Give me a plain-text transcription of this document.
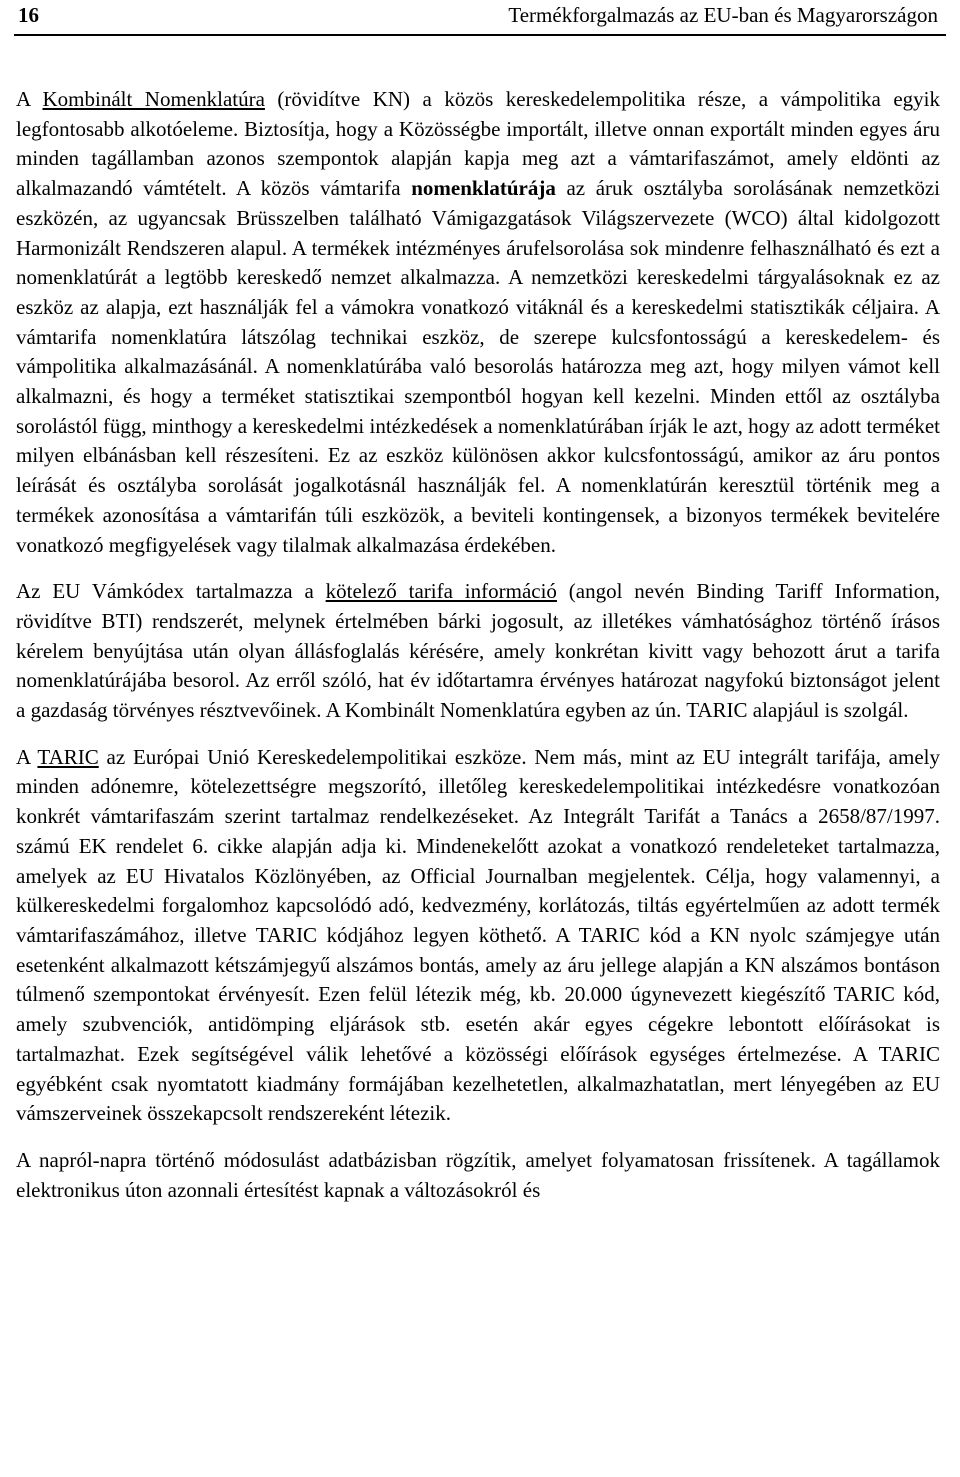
16	Termékforgalmazás az EU-ban és Magyarországon

A Kombinált Nomenklatúra (rövidítve KN) a közös kereskedelempolitika része, a vámpolitika egyik legfontosabb alkotóeleme. Biztosítja, hogy a Közösségbe importált, illetve onnan exportált minden egyes áru minden tagállamban azonos szempontok alapján kapja meg azt a vámtarifaszámot, amely eldönti az alkalmazandó vámtételt. A közös vámtarifa nomenklatúrája az áruk osztályba sorolásának nemzetközi eszközén, az ugyancsak Brüsszelben található Vámigazgatások Világszervezete (WCO) által kidolgozott Harmonizált Rendszeren alapul. A termékek intézményes árufelsorolása sok mindenre felhasználható és ezt a nomenklatúrát a legtöbb kereskedő nemzet alkalmazza. A nemzetközi kereskedelmi tárgyalásoknak ez az eszköz az alapja, ezt használják fel a vámokra vonatkozó vitáknál és a kereskedelmi statisztikák céljaira. A vámtarifa nomenklatúra látszólag technikai eszköz, de szerepe kulcsfontosságú a kereskedelem- és vámpolitika alkalmazásánál. A nomenklatúrába való besorolás határozza meg azt, hogy milyen vámot kell alkalmazni, és hogy a terméket statisztikai szempontból hogyan kell kezelni. Minden ettől az osztályba sorolástól függ, minthogy a kereskedelmi intézkedések a nomenklatúrában írják le azt, hogy az adott terméket milyen elbánásban kell részesíteni. Ez az eszköz különösen akkor kulcsfontosságú, amikor az áru pontos leírását és osztályba sorolását jogalkotásnál használják fel. A nomenklatúrán keresztül történik meg a termékek azonosítása a vámtarifán túli eszközök, a beviteli kontingensek, a bizonyos termékek bevitelére vonatkozó megfigyelések vagy tilalmak alkalmazása érdekében.

Az EU Vámkódex tartalmazza a kötelező tarifa információ (angol nevén Binding Tariff Information, rövidítve BTI) rendszerét, melynek értelmében bárki jogosult, az illetékes vámhatósághoz történő írásos kérelem benyújtása után olyan állásfoglalás kérésére, amely konkrétan kivitt vagy behozott árut a tarifa nomenklatúrájába besorol. Az erről szóló, hat év időtartamra érvényes határozat nagyfokú biztonságot jelent a gazdaság törvényes résztvevőinek. A Kombinált Nomenklatúra egyben az ún. TARIC alapjául is szolgál.

A TARIC az Európai Unió Kereskedelempolitikai eszköze. Nem más, mint az EU integrált tarifája, amely minden adónemre, kötelezettségre megszorító, illetőleg kereskedelempolitikai intézkedésre vonatkozóan konkrét vámtarifaszám szerint tartalmaz rendelkezéseket. Az Integrált Tarifát a Tanács a 2658/87/1997. számú EK rendelet 6. cikke alapján adja ki. Mindenekelőtt azokat a vonatkozó rendeleteket tartalmazza, amelyek az EU Hivatalos Közlönyében, az Official Journalban megjelentek. Célja, hogy valamennyi, a külkereskedelmi forgalomhoz kapcsolódó adó, kedvezmény, korlátozás, tiltás egyértelműen az adott termék vámtarifaszámához, illetve TARIC kódjához legyen köthető. A TARIC kód a KN nyolc számjegye után esetenként alkalmazott kétszámjegyű alszámos bontás, amely az áru jellege alapján a KN alszámos bontáson túlmenő szempontokat érvényesít. Ezen felül létezik még, kb. 20.000 úgynevezett kiegészítő TARIC kód, amely szubvenciók, antidömping eljárások stb. esetén akár egyes cégekre lebontott előírásokat is tartalmazhat. Ezek segítségével válik lehetővé a közösségi előírások egységes értelmezése. A TARIC egyébként csak nyomtatott kiadmány formájában kezelhetetlen, alkalmazhatatlan, mert lényegében az EU vámszerveinek összekapcsolt rendszereként létezik.

A napról-napra történő módosulást adatbázisban rögzítik, amelyet folyamatosan frissítenek. A tagállamok elektronikus úton azonnali értesítést kapnak a változásokról és
